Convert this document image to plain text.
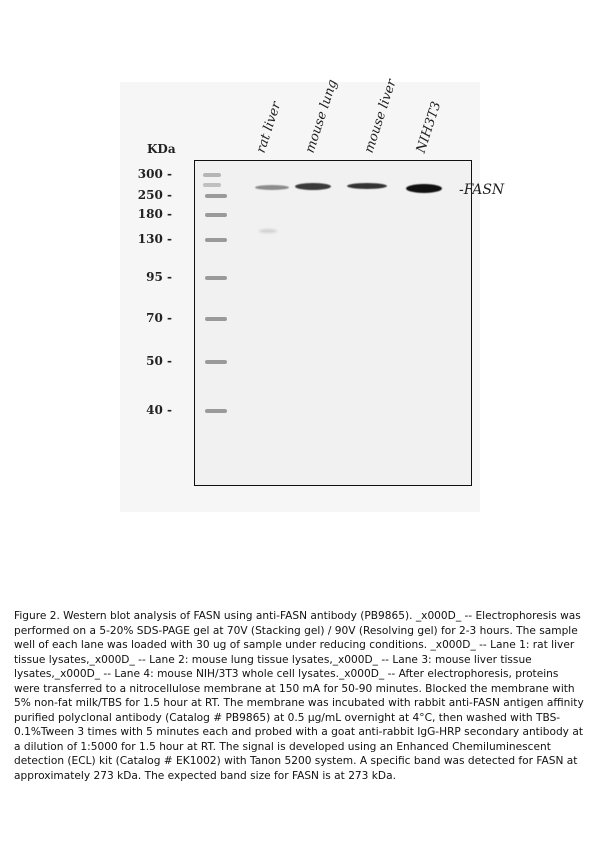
KDa
300 -
250 -
180 -
130 -
95 -
70 -
50 -
40 -
rat liver mouse lung mouse liver NIH3T3
-FASN
Figure 2. Western blot analysis of FASN using anti-FASN antibody (PB9865). _x000D_ -- Electrophoresis was performed on a 5-20% SDS-PAGE gel at 70V (Stacking gel) / 90V (Resolving gel) for 2-3 hours. The sample well of each lane was loaded with 30 ug of sample under reducing conditions. _x000D_ -- Lane 1: rat liver tissue lysates,_x000D_ -- Lane 2: mouse lung tissue lysates,_x000D_ -- Lane 3: mouse liver tissue lysates,_x000D_ -- Lane 4: mouse NIH/3T3 whole cell lysates._x000D_ -- After electrophoresis, proteins were transferred to a nitrocellulose membrane at 150 mA for 50-90 minutes. Blocked the membrane with 5% non-fat milk/TBS for 1.5 hour at RT. The membrane was incubated with rabbit anti-FASN antigen affinity purified polyclonal antibody (Catalog # PB9865) at 0.5 μg/mL overnight at 4°C, then washed with TBS-0.1%Tween 3 times with 5 minutes each and probed with a goat anti-rabbit IgG-HRP secondary antibody at a dilution of 1:5000 for 1.5 hour at RT. The signal is developed using an Enhanced Chemiluminescent detection (ECL) kit (Catalog # EK1002) with Tanon 5200 system. A specific band was detected for FASN at approximately 273 kDa. The expected band size for FASN is at 273 kDa.
